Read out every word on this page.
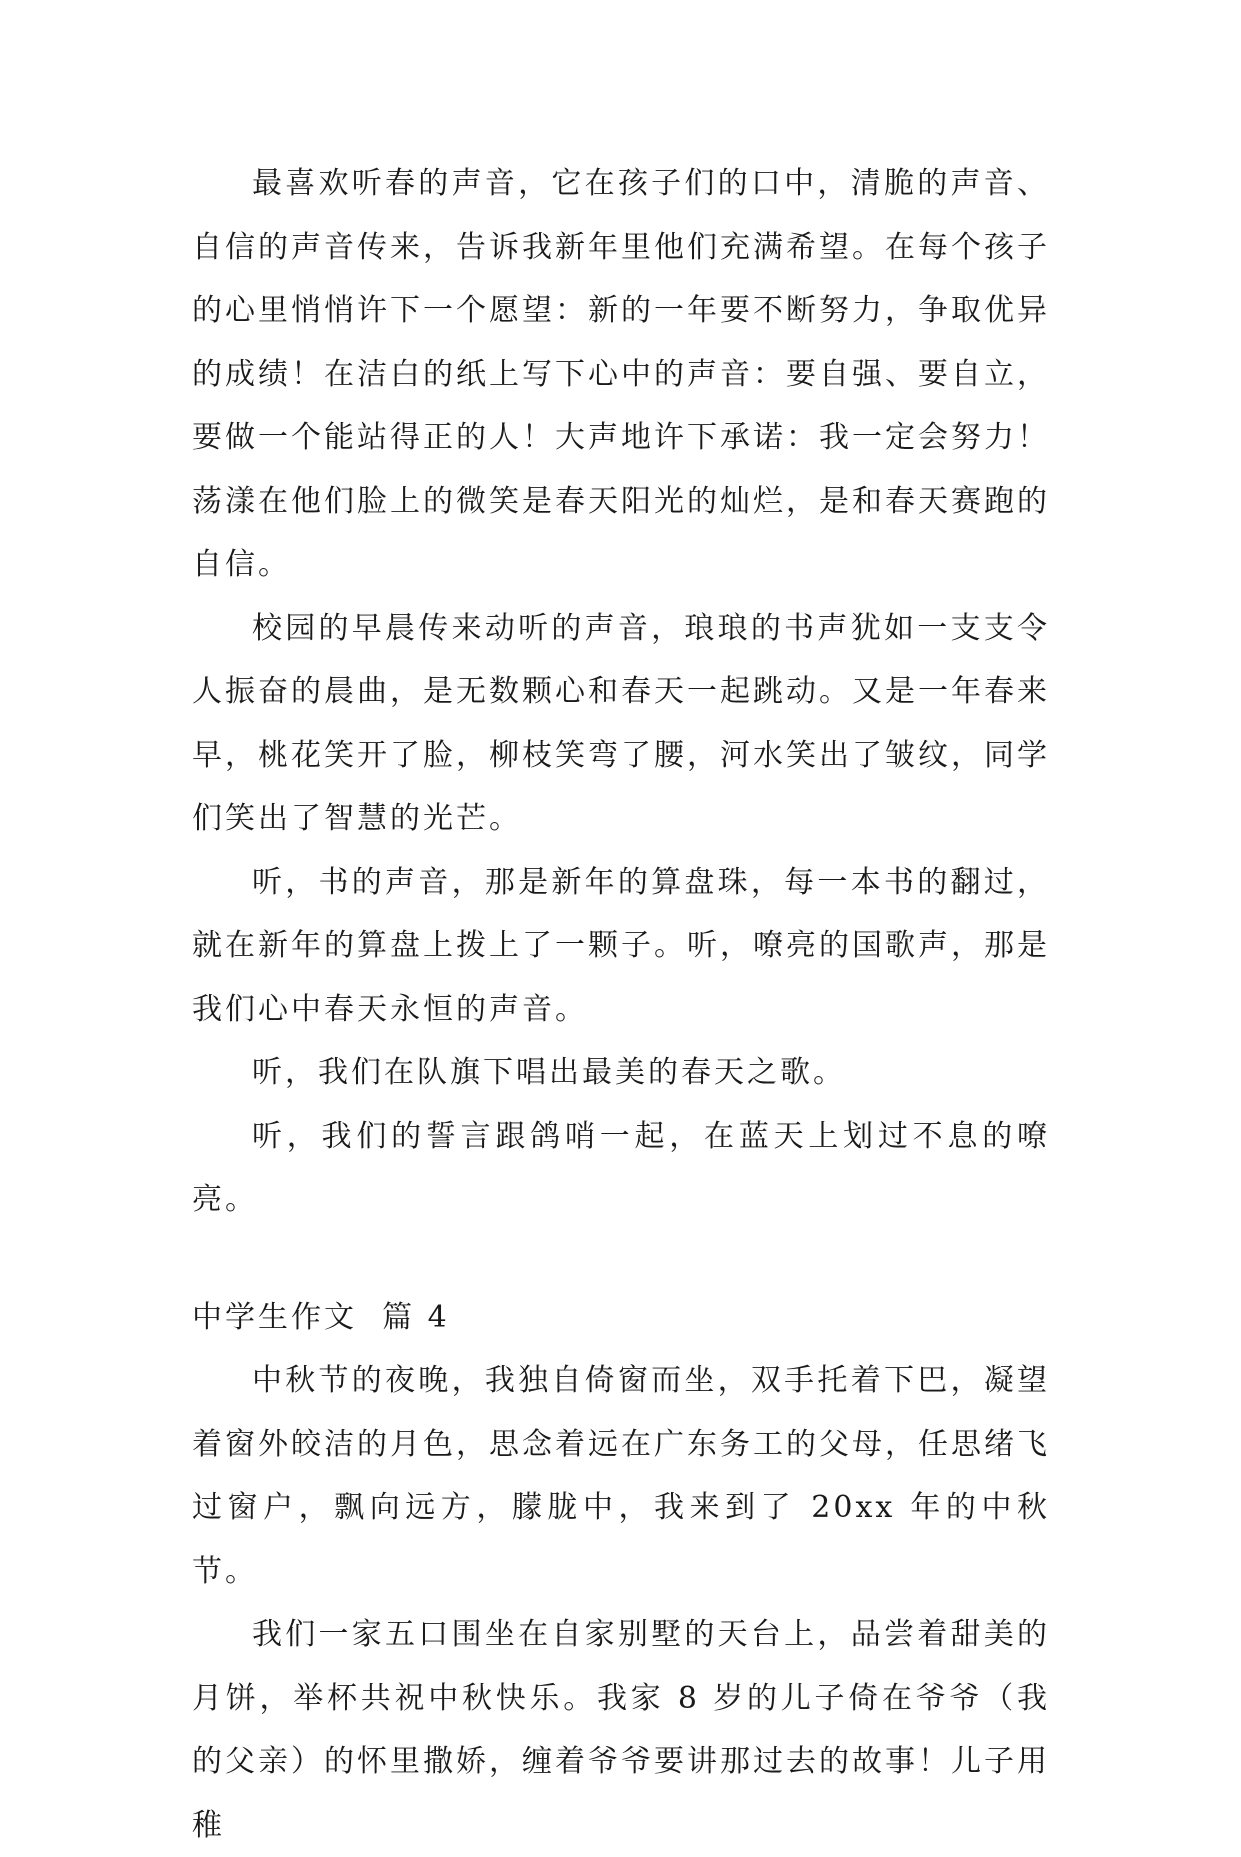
最喜欢听春的声音，它在孩子们的口中，清脆的声音、自信的声音传来，告诉我新年里他们充满希望。在每个孩子的心里悄悄许下一个愿望：新的一年要不断努力，争取优异的成绩！在洁白的纸上写下心中的声音：要自强、要自立，要做一个能站得正的人！大声地许下承诺：我一定会努力！荡漾在他们脸上的微笑是春天阳光的灿烂，是和春天赛跑的自信。

校园的早晨传来动听的声音，琅琅的书声犹如一支支令人振奋的晨曲，是无数颗心和春天一起跳动。又是一年春来早，桃花笑开了脸，柳枝笑弯了腰，河水笑出了皱纹，同学们笑出了智慧的光芒。

听，书的声音，那是新年的算盘珠，每一本书的翻过，就在新年的算盘上拨上了一颗子。听，嘹亮的国歌声，那是我们心中春天永恒的声音。

听，我们在队旗下唱出最美的春天之歌。

听，我们的誓言跟鸽哨一起，在蓝天上划过不息的嘹亮。

中学生作文  篇 4

中秋节的夜晚，我独自倚窗而坐，双手托着下巴，凝望着窗外皎洁的月色，思念着远在广东务工的父母，任思绪飞过窗户，飘向远方，朦胧中，我来到了 20xx 年的中秋节。

我们一家五口围坐在自家别墅的天台上，品尝着甜美的月饼，举杯共祝中秋快乐。我家 8 岁的儿子倚在爷爷（我的父亲）的怀里撒娇，缠着爷爷要讲那过去的故事！儿子用稚
